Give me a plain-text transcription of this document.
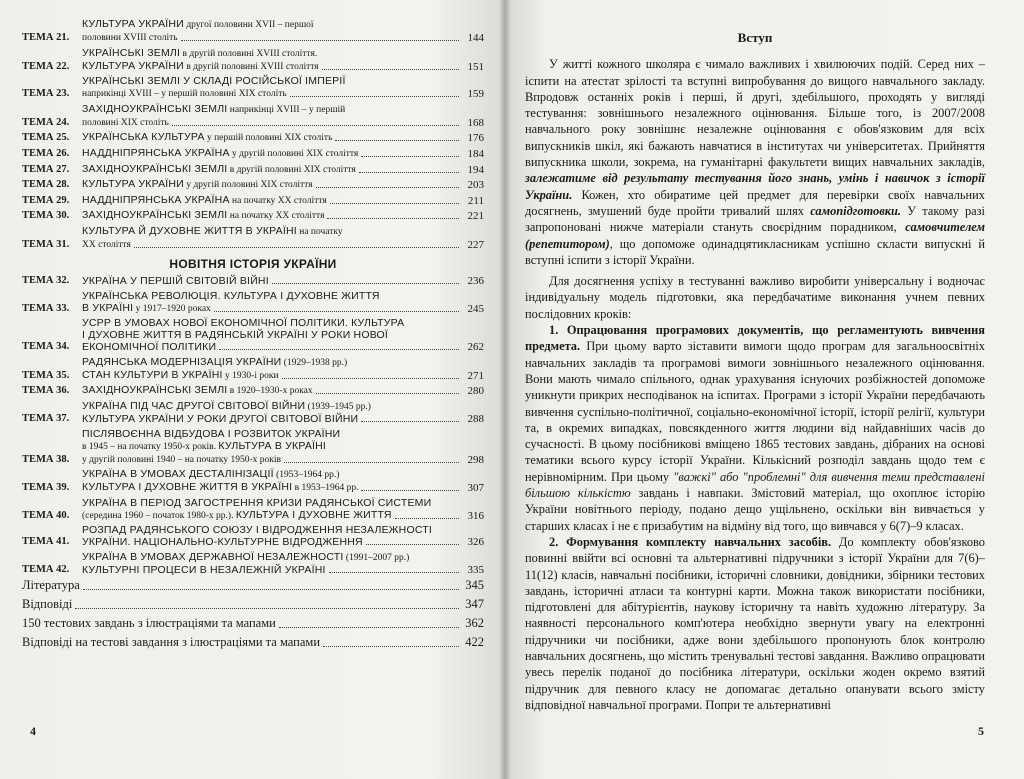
ТЕМА 21.
КУЛЬТУРА УКРАЇНИ другої половини XVII – першої
половини XVIII століть	144
ТЕМА 22.
УКРАЇНСЬКІ ЗЕМЛІ в другій половині XVIII століття.
КУЛЬТУРА УКРАЇНИ в другій половині XVIII століття	151
ТЕМА 23.
УКРАЇНСЬКІ ЗЕМЛІ У СКЛАДІ РОСІЙСЬКОЇ ІМПЕРІЇ
наприкінці XVIII – у першій половині XIX століть	159
ТЕМА 24.
ЗАХІДНОУКРАЇНСЬКІ ЗЕМЛІ наприкінці XVIII – у першій
половині XIX століть	168
ТЕМА 25.	УКРАЇНСЬКА КУЛЬТУРА у першій половині XIX століть	176
ТЕМА 26.	НАДДНІПРЯНСЬКА УКРАЇНА у другій половині XIX століття	184
ТЕМА 27.	ЗАХІДНОУКРАЇНСЬКІ ЗЕМЛІ в другій половині XIX століття	194
ТЕМА 28.	КУЛЬТУРА УКРАЇНИ у другій половині XIX століття	203
ТЕМА 29.	НАДДНІПРЯНСЬКА УКРАЇНА на початку XX століття	211
ТЕМА 30.	ЗАХІДНОУКРАЇНСЬКІ ЗЕМЛІ на початку XX століття	221
ТЕМА 31.
КУЛЬТУРА Й ДУХОВНЕ ЖИТТЯ В УКРАЇНІ на початку
XX століття	227
НОВІТНЯ ІСТОРІЯ УКРАЇНИ
ТЕМА 32.	УКРАЇНА У ПЕРШІЙ СВІТОВІЙ ВІЙНІ	236
ТЕМА 33.
УКРАЇНСЬКА РЕВОЛЮЦІЯ. КУЛЬТУРА І ДУХОВНЕ ЖИТТЯ
В УКРАЇНІ у 1917–1920 роках	245
ТЕМА 34.
УСРР В УМОВАХ НОВОЇ ЕКОНОМІЧНОЇ ПОЛІТИКИ. КУЛЬТУРА
І ДУХОВНЕ ЖИТТЯ В РАДЯНСЬКІЙ УКРАЇНІ У РОКИ НОВОЇ
ЕКОНОМІЧНОЇ ПОЛІТИКИ	262
ТЕМА 35.
РАДЯНСЬКА МОДЕРНІЗАЦІЯ УКРАЇНИ (1929–1938 рр.)
СТАН КУЛЬТУРИ В УКРАЇНІ у 1930-і роки	271
ТЕМА 36.	ЗАХІДНОУКРАЇНСЬКІ ЗЕМЛІ в 1920–1930-х роках	280
ТЕМА 37.
УКРАЇНА ПІД ЧАС ДРУГОЇ СВІТОВОЇ ВІЙНИ (1939–1945 рр.)
КУЛЬТУРА УКРАЇНИ У РОКИ ДРУГОЇ СВІТОВОЇ ВІЙНИ	288
ТЕМА 38.
ПІСЛЯВОЄННА ВІДБУДОВА І РОЗВИТОК УКРАЇНИ
в 1945 – на початку 1950-х років. КУЛЬТУРА В УКРАЇНІ
у другій половині 1940 – на початку 1950-х років	298
ТЕМА 39.
УКРАЇНА В УМОВАХ ДЕСТАЛІНІЗАЦІЇ (1953–1964 рр.)
КУЛЬТУРА І ДУХОВНЕ ЖИТТЯ В УКРАЇНІ в 1953–1964 рр.	307
ТЕМА 40.
УКРАЇНА В ПЕРІОД ЗАГОСТРЕННЯ КРИЗИ РАДЯНСЬКОЇ СИСТЕМИ
(середина 1960 – початок 1980-х рр.). КУЛЬТУРА І ДУХОВНЕ ЖИТТЯ	316
ТЕМА 41.
РОЗПАД РАДЯНСЬКОГО СОЮЗУ І ВІДРОДЖЕННЯ НЕЗАЛЕЖНОСТІ
УКРАЇНИ. НАЦІОНАЛЬНО-КУЛЬТУРНЕ ВІДРОДЖЕННЯ	326
ТЕМА 42.
УКРАЇНА В УМОВАХ ДЕРЖАВНОЇ НЕЗАЛЕЖНОСТІ (1991–2007 рр.)
КУЛЬТУРНІ ПРОЦЕСИ В НЕЗАЛЕЖНІЙ УКРАЇНІ	335
Література	345
Відповіді	347
150 тестових завдань з ілюстраціями та мапами	362
Відповіді на тестові завдання з ілюстраціями та мапами	422
4
Вступ

У житті кожного школяра є чимало важливих і хвилюючих подій. Серед них – іспити на атестат зрілості та вступні випробування до вищого навчального закладу. Впродовж останніх років і перші, й другі, здебільшого, проходять у вигляді тестування: зовнішнього незалежного оцінювання. Більше того, із 2007/2008 навчального року зовнішнє незалежне оцінювання є обов'язковим для всіх випускників шкіл, які бажають навчатися в інститутах чи університетах. Прийняття випускника школи, зокрема, на гуманітарні факультети вищих навчальних закладів, залежатиме від результату тестування його знань, умінь і навичок з історії України. Кожен, хто обиратиме цей предмет для перевірки своїх навчальних досягнень, змушений буде пройти тривалий шлях самопідготовки. У такому разі запропоновані нижче матеріали стануть своєрідним порадником, самовчителем (репетитором), що допоможе одинадцятикласникам успішно скласти випускні й вступні іспити з історії України.

Для досягнення успіху в тестуванні важливо виробити універсальну і водночас індивідуальну модель підготовки, яка передбачатиме виконання учнем певних послідовних кроків:

1. Опрацювання програмових документів, що регламентують вивчення предмета. При цьому варто зіставити вимоги щодо програм для загальноосвітніх навчальних закладів та програмові вимоги зовнішнього незалежного оцінювання. Вони мають чимало спільного, однак урахування існуючих розбіжностей допоможе уникнути прикрих несподіванок на іспитах. Програми з історії України передбачають вивчення суспільно-політичної, соціально-економічної історії, історії релігії, культури та, в окремих випадках, повсякденного життя людини від найдавніших часів до сучасності. В цьому посібникові вміщено 1865 тестових завдань, дібраних на основі тематики всього курсу історії України. Кількісний розподіл завдань щодо тем є нерівномірним. При цьому "важкі" або "проблемні" для вивчення теми представлені більшою кількістю завдань і навпаки. Змістовий матеріал, що охоплює історію України новітнього періоду, подано дещо ущільнено, оскільки він вивчається у старших класах і не є призабутим на відміну від того, що вивчався у 6(7)–9 класах.

2. Формування комплекту навчальних засобів. До комплекту обов'язково повинні ввійти всі основні та альтернативні підручники з історії України для 7(6)–11(12) класів, навчальні посібники, історичні словники, довідники, збірники тестових завдань, історичні атласи та контурні карти. Можна також використати посібники, підготовлені для абітурієнтів, наукову історичну та навіть художню літературу. За наявності персонального комп'ютера необхідно звернути увагу на електронні підручники чи посібники, адже вони здебільшого пропонують блок контролю навчальних досягнень, що містить тренувальні тестові завдання. Важливо опрацювати увесь перелік поданої до посібника літератури, оскільки жоден окремо взятий підручник для певного класу не допомагає детально опанувати всього змісту відповідної навчальної програми. Попри те альтернативні

5
